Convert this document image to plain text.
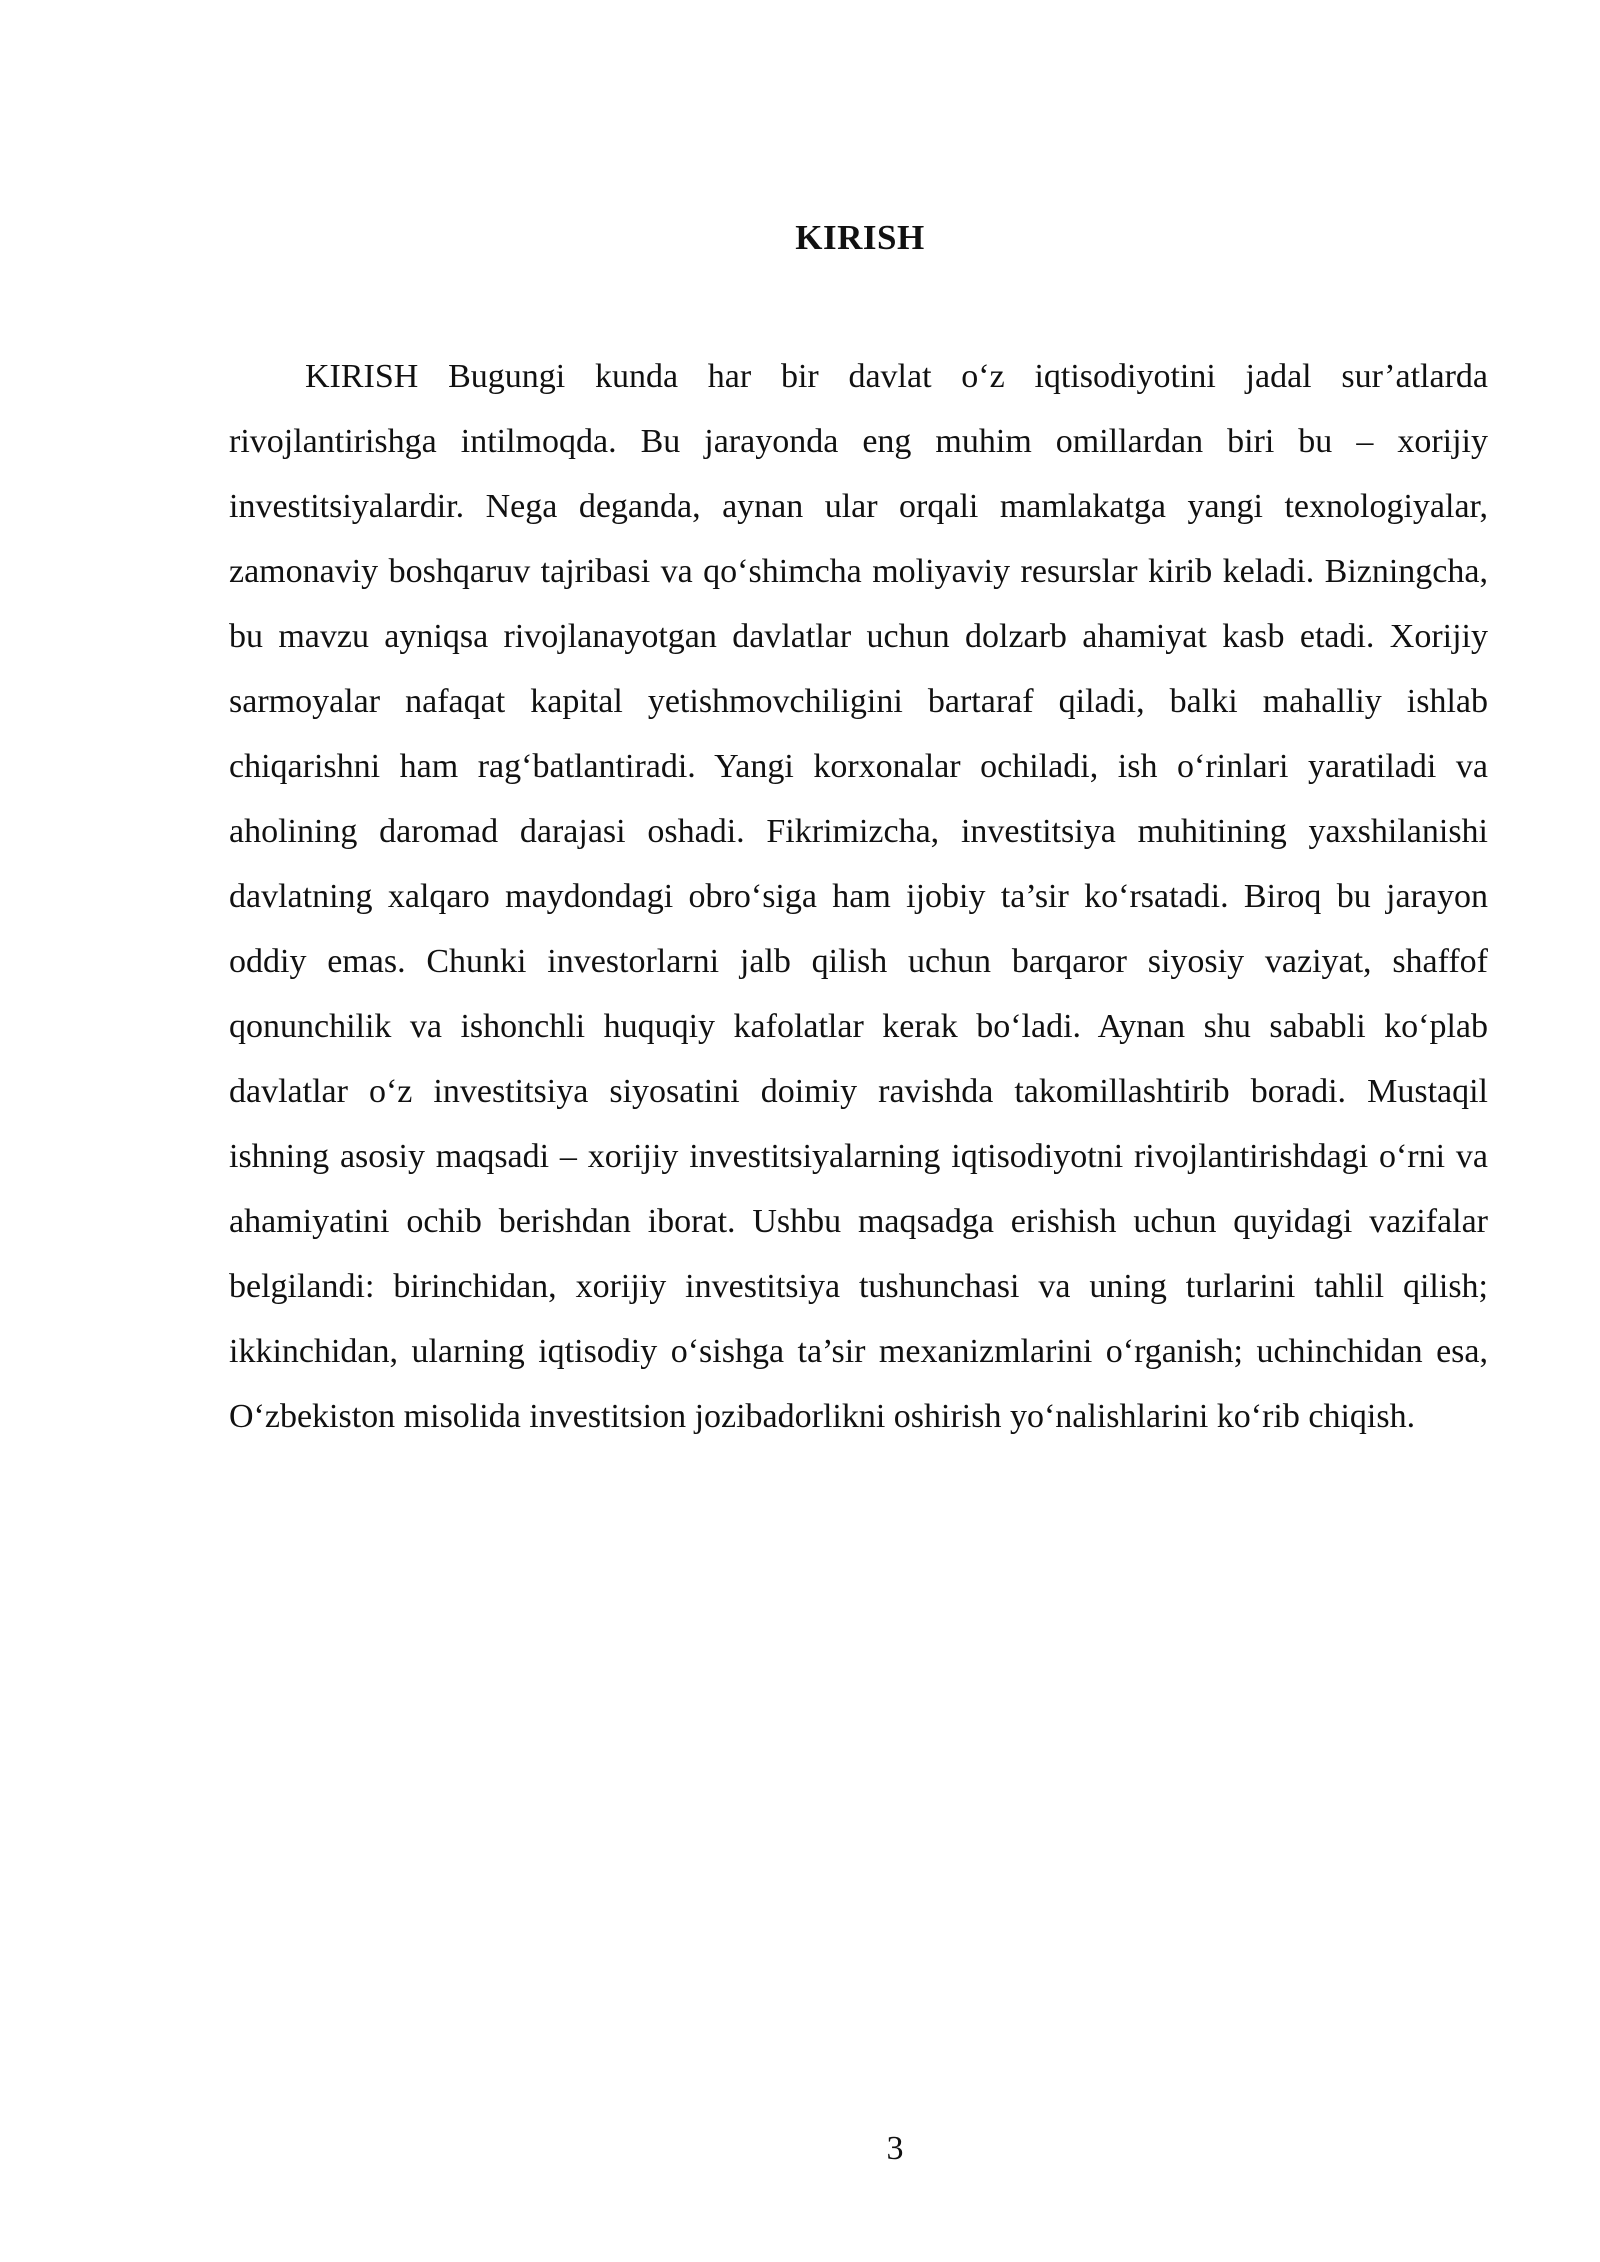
KIRISH

KIRISH Bugungi kunda har bir davlat o‘z iqtisodiyotini jadal sur’atlarda rivojlantirishga intilmoqda. Bu jarayonda eng muhim omillardan biri bu – xorijiy investitsiyalardir. Nega deganda, aynan ular orqali mamlakatga yangi texnologiyalar, zamonaviy boshqaruv tajribasi va qo‘shimcha moliyaviy resurslar kirib keladi. Bizningcha, bu mavzu ayniqsa rivojlanayotgan davlatlar uchun dolzarb ahamiyat kasb etadi. Xorijiy sarmoyalar nafaqat kapital yetishmovchiligini bartaraf qiladi, balki mahalliy ishlab chiqarishni ham rag‘batlantiradi. Yangi korxonalar ochiladi, ish o‘rinlari yaratiladi va aholining daromad darajasi oshadi. Fikrimizcha, investitsiya muhitining yaxshilanishi davlatning xalqaro maydondagi obro‘siga ham ijobiy ta’sir ko‘rsatadi. Biroq bu jarayon oddiy emas. Chunki investorlarni jalb qilish uchun barqaror siyosiy vaziyat, shaffof qonunchilik va ishonchli huquqiy kafolatlar kerak bo‘ladi. Aynan shu sababli ko‘plab davlatlar o‘z investitsiya siyosatini doimiy ravishda takomillashtirib boradi. Mustaqil ishning asosiy maqsadi – xorijiy investitsiyalarning iqtisodiyotni rivojlantirishdagi o‘rni va ahamiyatini ochib berishdan iborat. Ushbu maqsadga erishish uchun quyidagi vazifalar belgilandi: birinchidan, xorijiy investitsiya tushunchasi va uning turlarini tahlil qilish; ikkinchidan, ularning iqtisodiy o‘sishga ta’sir mexanizmlarini o‘rganish; uchinchidan esa, O‘zbekiston misolida investitsion jozibadorlikni oshirish yo‘nalishlarini ko‘rib chiqish.

3
